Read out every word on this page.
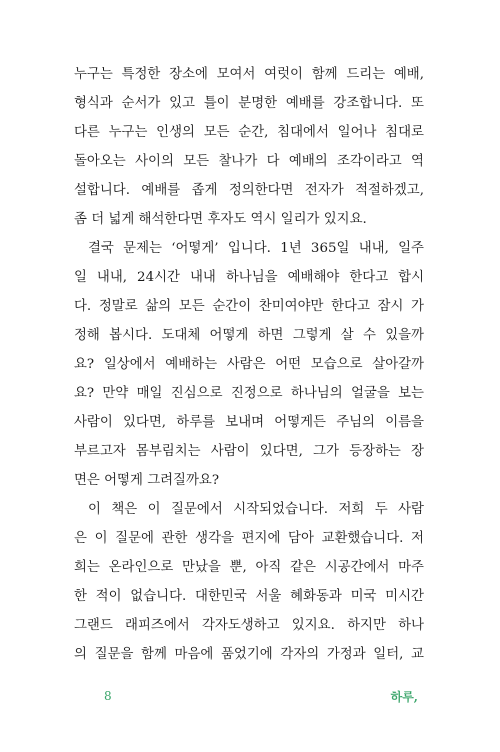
누구는 특정한 장소에 모여서 여럿이 함께 드리는 예배,
형식과 순서가 있고 틀이 분명한 예배를 강조합니다. 또
다른 누구는 인생의 모든 순간, 침대에서 일어나 침대로
돌아오는 사이의 모든 찰나가 다 예배의 조각이라고 역
설합니다. 예배를 좁게 정의한다면 전자가 적절하겠고,
좀 더 넓게 해석한다면 후자도 역시 일리가 있지요.
결국 문제는 ‘어떻게’ 입니다. 1년 365일 내내, 일주
일 내내, 24시간 내내 하나님을 예배해야 한다고 합시
다. 정말로 삶의 모든 순간이 찬미여야만 한다고 잠시 가
정해 봅시다. 도대체 어떻게 하면 그렇게 살 수 있을까
요? 일상에서 예배하는 사람은 어떤 모습으로 살아갈까
요? 만약 매일 진심으로 진정으로 하나님의 얼굴을 보는
사람이 있다면, 하루를 보내며 어떻게든 주님의 이름을
부르고자 몸부림치는 사람이 있다면, 그가 등장하는 장
면은 어떻게 그려질까요?
이 책은 이 질문에서 시작되었습니다. 저희 두 사람
은 이 질문에 관한 생각을 편지에 담아 교환했습니다. 저
희는 온라인으로 만났을 뿐, 아직 같은 시공간에서 마주
한 적이 없습니다. 대한민국 서울 혜화동과 미국 미시간
그랜드 래피즈에서 각자도생하고 있지요. 하지만 하나
의 질문을 함께 마음에 품었기에 각자의 가정과 일터, 교
8	하루,
